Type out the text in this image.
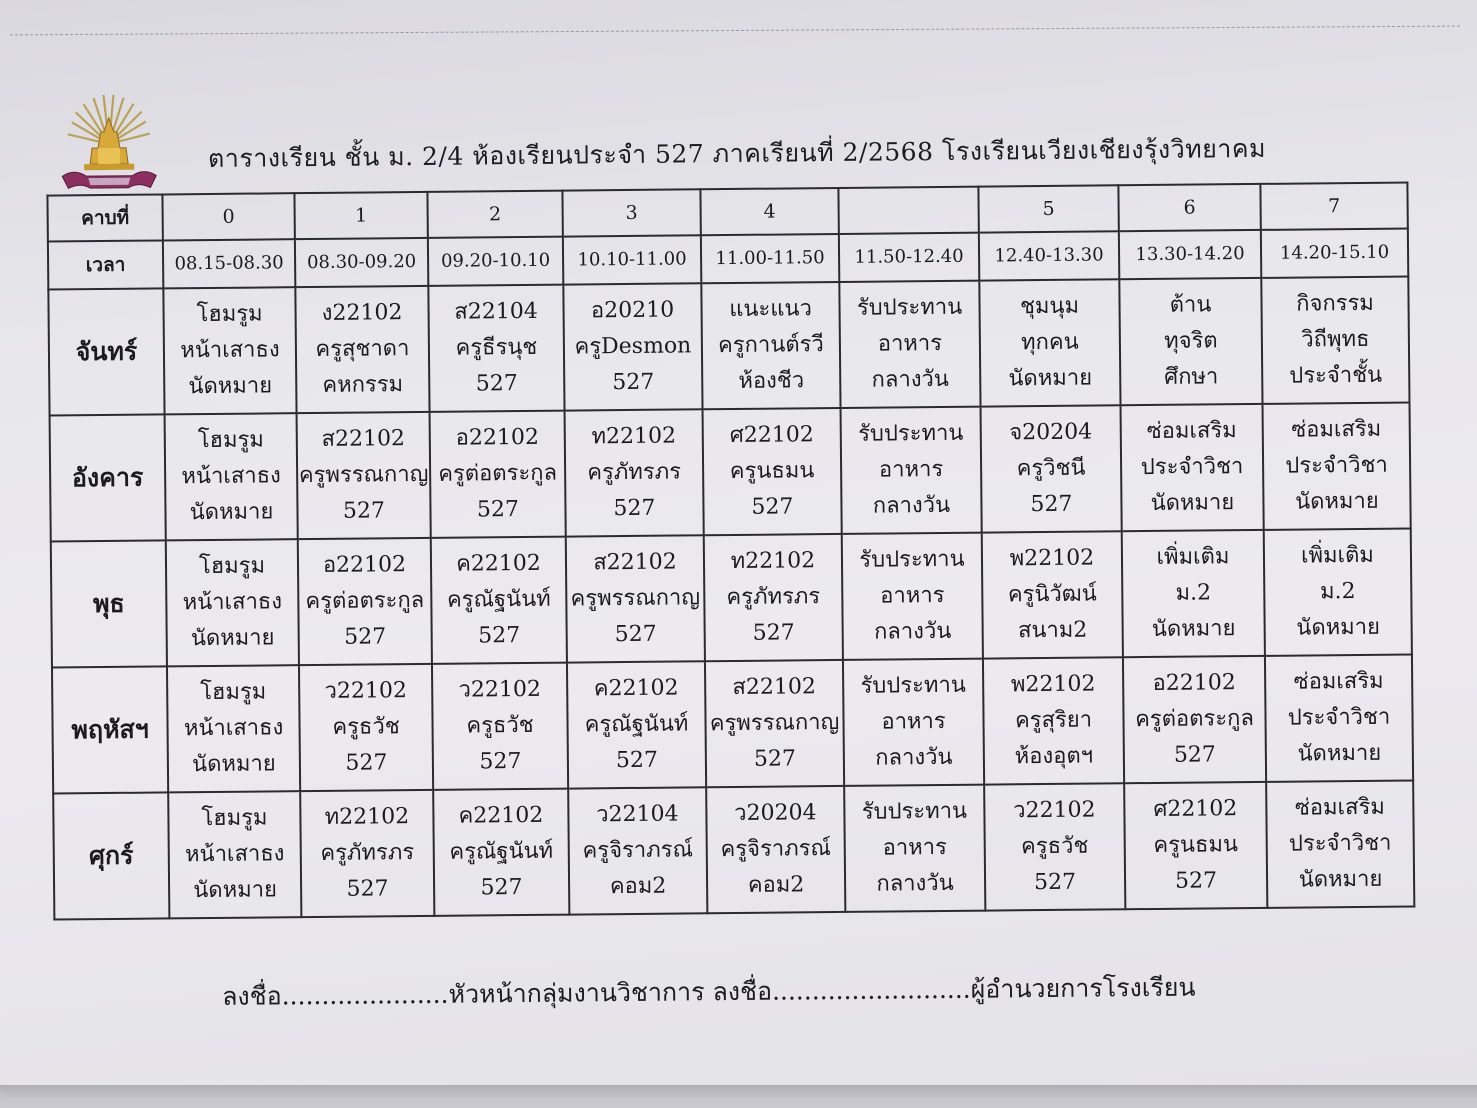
ตารางเรียน ชั้น ม. 2/4 ห้องเรียนประจำ 527 ภาคเรียนที่ 2/2568 โรงเรียนเวียงเชียงรุ้งวิทยาคม
คาบที่	0	1	2	3	4		5	6	7
เวลา	08.15-08.30	08.30-09.20	09.20-10.10	10.10-11.00	11.00-11.50	11.50-12.40	12.40-13.30	13.30-14.20	14.20-15.10
จันทร์	โฮมรูม
หน้าเสาธง
นัดหมาย	ง22102
ครูสุชาดา
คหกรรม	ส22104
ครูธีรนุช
527	อ20210
ครูDesmon
527	แนะแนว
ครูกานต์รวี
ห้องชีว	รับประทาน
อาหาร
กลางวัน	ชุมนุม
ทุกคน
นัดหมาย	ต้าน
ทุจริต
ศึกษา	กิจกรรม
วิถีพุทธ
ประจำชั้น

อังคาร	โฮมรูม
หน้าเสาธง
นัดหมาย	ส22102
ครูพรรณกาญ
527	อ22102
ครูต่อตระกูล
527	ท22102
ครูภัทรภร
527	ศ22102
ครูนธมน
527	รับประทาน
อาหาร
กลางวัน	จ20204
ครูวิชนี
527	ซ่อมเสริม
ประจำวิชา
นัดหมาย	ซ่อมเสริม
ประจำวิชา
นัดหมาย

พุธ	โฮมรูม
หน้าเสาธง
นัดหมาย	อ22102
ครูต่อตระกูล
527	ค22102
ครูณัฐนันท์
527	ส22102
ครูพรรณกาญ
527	ท22102
ครูภัทรภร
527	รับประทาน
อาหาร
กลางวัน	พ22102
ครูนิวัฒน์
สนาม2	เพิ่มเติม
ม.2
นัดหมาย	เพิ่มเติม
ม.2
นัดหมาย

พฤหัสฯ	โฮมรูม
หน้าเสาธง
นัดหมาย	ว22102
ครูธวัช
527	ว22102
ครูธวัช
527	ค22102
ครูณัฐนันท์
527	ส22102
ครูพรรณกาญ
527	รับประทาน
อาหาร
กลางวัน	พ22102
ครูสุริยา
ห้องอุตฯ	อ22102
ครูต่อตระกูล
527	ซ่อมเสริม
ประจำวิชา
นัดหมาย

ศุกร์	โฮมรูม
หน้าเสาธง
นัดหมาย	ท22102
ครูภัทรภร
527	ค22102
ครูณัฐนันท์
527	ว22104
ครูจิราภรณ์
คอม2	ว20204
ครูจิราภรณ์
คอม2	รับประทาน
อาหาร
กลางวัน	ว22102
ครูธวัช
527	ศ22102
ครูนธมน
527	ซ่อมเสริม
ประจำวิชา
นัดหมาย
ลงชื่อ.....................หัวหน้ากลุ่มงานวิชาการ ลงชื่อ.........................ผู้อำนวยการโรงเรียน
